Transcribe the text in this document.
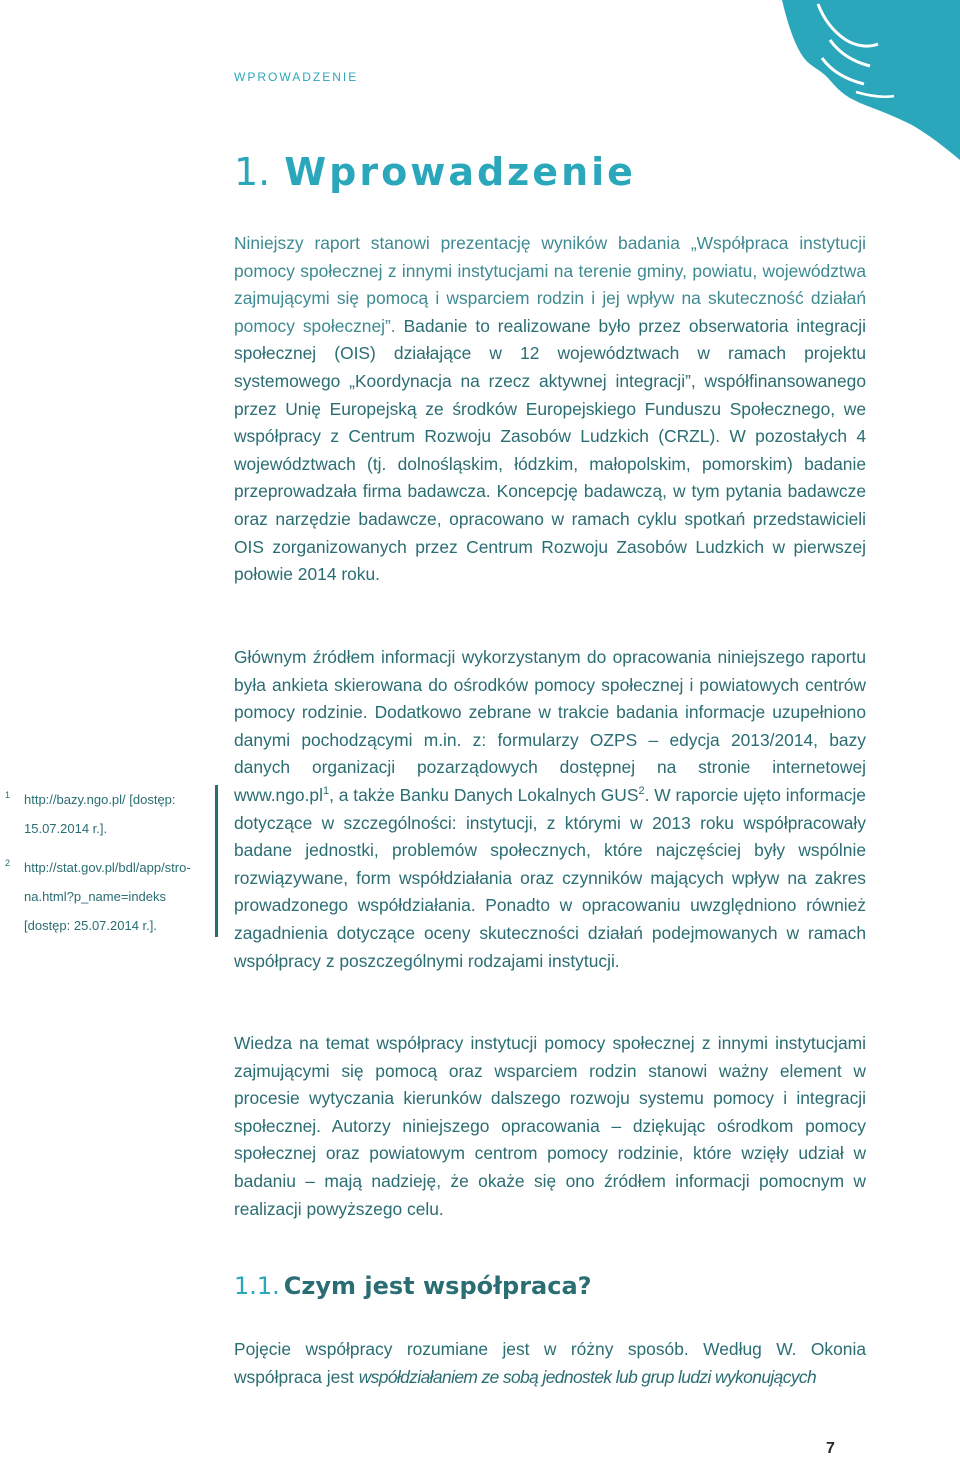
WPROWADZENIE
1. Wprowadzenie

Niniejszy raport stanowi prezentację wyników badania „Współpraca instytucji pomocy społecznej z innymi instytucjami na terenie gminy, powiatu, województwa zajmującymi się pomocą i wsparciem rodzin i jej wpływ na skuteczność działań pomocy społecznej”. Badanie to realizowane było przez obserwatoria integracji społecznej (OIS) działające w 12 województwach w ramach projektu systemowego „Koordynacja na rzecz aktywnej integracji”, współfinansowanego przez Unię Europejską ze środków Europejskiego Funduszu Społecznego, we współpracy z Centrum Rozwoju Zasobów Ludzkich (CRZL). W pozostałych 4 województwach (tj. dolnośląskim, łódzkim, małopolskim, pomorskim) badanie przeprowadzała firma badawcza. Koncepcję badawczą, w tym pytania badawcze oraz narzędzie badawcze, opracowano w ramach cyklu spotkań przedstawicieli OIS zorganizowanych przez Centrum Rozwoju Zasobów Ludzkich w pierwszej połowie 2014 roku.

Głównym źródłem informacji wykorzystanym do opracowania niniejszego raportu była ankieta skierowana do ośrodków pomocy społecznej i powiatowych centrów pomocy rodzinie. Dodatkowo zebrane w trakcie badania informacje uzupełniono danymi pochodzącymi m.in. z: formularzy OZPS – edycja 2013/2014, bazy danych organizacji pozarządowych dostępnej na stronie internetowej $www.ngo.pl^1$, a także Banku Danych Lokalnych GUS$^2$. W raporcie ujęto informacje dotyczące w szczególności: instytucji, z którymi w 2013 roku współpracowały badane jednostki, problemów społecznych, które najczęściej były wspólnie rozwiązywane, form współdziałania oraz czynników mających wpływ na zakres prowadzonego współdziałania. Ponadto w opracowaniu uwzględniono również zagadnienia dotyczące oceny skuteczności działań podejmowanych w ramach współpracy z poszczególnymi rodzajami instytucji.

1 http://bazy.ngo.pl/ [dostęp:
15.07.2014 r.].
2 http://stat.gov.pl/bdl/app/stro-
na.html?p_name=indeks
[dostęp: 25.07.2014 r.].

Wiedza na temat współpracy instytucji pomocy społecznej z innymi instytucjami zajmującymi się pomocą oraz wsparciem rodzin stanowi ważny element w procesie wytyczania kierunków dalszego rozwoju systemu pomocy i integracji społecznej. Autorzy niniejszego opracowania – dziękując ośrodkom pomocy społecznej oraz powiatowym centrom pomocy rodzinie, które wzięły udział w badaniu – mają nadzieję, że okaże się ono źródłem informacji pomocnym w realizacji powyższego celu.

1.1. Czym jest współpraca?

Pojęcie współpracy rozumiane jest w różny sposób. Według W. Okonia współpraca jest współdziałaniem ze sobą jednostek lub grup ludzi wykonujących

7
